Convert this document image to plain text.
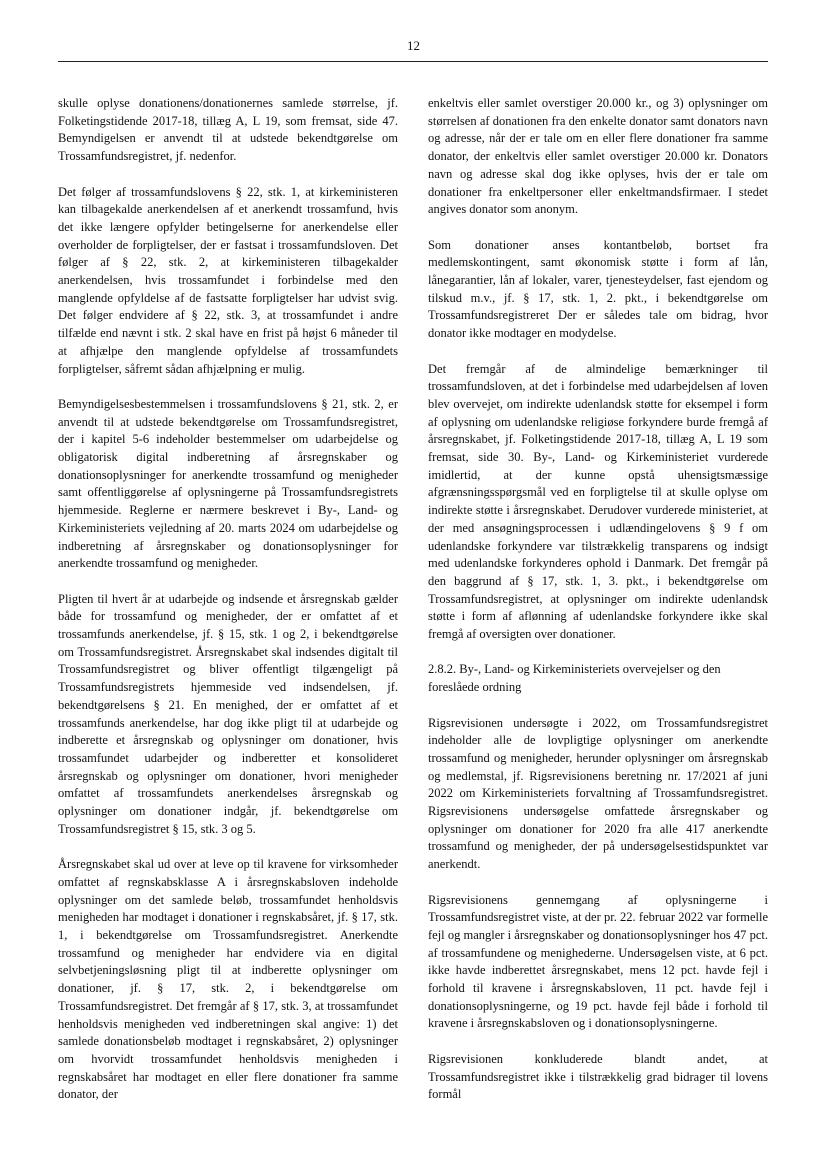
12

skulle oplyse donationens/donationernes samlede størrelse, jf. Folketingstidende 2017-18, tillæg A, L 19, som fremsat, side 47. Bemyndigelsen er anvendt til at udstede bekendtgørelse om Trossamfundsregistret, jf. nedenfor.

Det følger af trossamfundslovens § 22, stk. 1, at kirkeministeren kan tilbagekalde anerkendelsen af et anerkendt trossamfund, hvis det ikke længere opfylder betingelserne for anerkendelse eller overholder de forpligtelser, der er fastsat i trossamfundsloven. Det følger af § 22, stk. 2, at kirkeministeren tilbagekalder anerkendelsen, hvis trossamfundet i forbindelse med den manglende opfyldelse af de fastsatte forpligtelser har udvist svig. Det følger endvidere af § 22, stk. 3, at trossamfundet i andre tilfælde end nævnt i stk. 2 skal have en frist på højst 6 måneder til at afhjælpe den manglende opfyldelse af trossamfundets forpligtelser, såfremt sådan afhjælpning er mulig.

Bemyndigelsesbestemmelsen i trossamfundslovens § 21, stk. 2, er anvendt til at udstede bekendtgørelse om Trossamfundsregistret, der i kapitel 5-6 indeholder bestemmelser om udarbejdelse og obligatorisk digital indberetning af årsregnskaber og donationsoplysninger for anerkendte trossamfund og menigheder samt offentliggørelse af oplysningerne på Trossamfundsregistrets hjemmeside. Reglerne er nærmere beskrevet i By-, Land- og Kirkeministeriets vejledning af 20. marts 2024 om udarbejdelse og indberetning af årsregnskaber og donationsoplysninger for anerkendte trossamfund og menigheder.

Pligten til hvert år at udarbejde og indsende et årsregnskab gælder både for trossamfund og menigheder, der er omfattet af et trossamfunds anerkendelse, jf. § 15, stk. 1 og 2, i bekendtgørelse om Trossamfundsregistret. Årsregnskabet skal indsendes digitalt til Trossamfundsregistret og bliver offentligt tilgængeligt på Trossamfundsregistrets hjemmeside ved indsendelsen, jf. bekendtgørelsens § 21. En menighed, der er omfattet af et trossamfunds anerkendelse, har dog ikke pligt til at udarbejde og indberette et årsregnskab og oplysninger om donationer, hvis trossamfundet udarbejder og indberetter et konsolideret årsregnskab og oplysninger om donationer, hvori menigheder omfattet af trossamfundets anerkendelses årsregnskab og oplysninger om donationer indgår, jf. bekendtgørelse om Trossamfundsregistret § 15, stk. 3 og 5.

Årsregnskabet skal ud over at leve op til kravene for virksomheder omfattet af regnskabsklasse A i årsregnskabsloven indeholde oplysninger om det samlede beløb, trossamfundet henholdsvis menigheden har modtaget i donationer i regnskabsåret, jf. § 17, stk. 1, i bekendtgørelse om Trossamfundsregistret. Anerkendte trossamfund og menigheder har endvidere via en digital selvbetjeningsløsning pligt til at indberette oplysninger om donationer, jf. § 17, stk. 2, i bekendtgørelse om Trossamfundsregistret. Det fremgår af § 17, stk. 3, at trossamfundet henholdsvis menigheden ved indberetningen skal angive: 1) det samlede donationsbeløb modtaget i regnskabsåret, 2) oplysninger om hvorvidt trossamfundet henholdsvis menigheden i regnskabsåret har modtaget en eller flere donationer fra samme donator, der

enkeltvis eller samlet overstiger 20.000 kr., og 3) oplysninger om størrelsen af donationen fra den enkelte donator samt donators navn og adresse, når der er tale om en eller flere donationer fra samme donator, der enkeltvis eller samlet overstiger 20.000 kr. Donators navn og adresse skal dog ikke oplyses, hvis der er tale om donationer fra enkeltpersoner eller enkeltmandsfirmaer. I stedet angives donator som anonym.

Som donationer anses kontantbeløb, bortset fra medlemskontingent, samt økonomisk støtte i form af lån, lånegarantier, lån af lokaler, varer, tjenesteydelser, fast ejendom og tilskud m.v., jf. § 17, stk. 1, 2. pkt., i bekendtgørelse om Trossamfundsregistreret Der er således tale om bidrag, hvor donator ikke modtager en modydelse.

Det fremgår af de almindelige bemærkninger til trossamfundsloven, at det i forbindelse med udarbejdelsen af loven blev overvejet, om indirekte udenlandsk støtte for eksempel i form af oplysning om udenlandske religiøse forkyndere burde fremgå af årsregnskabet, jf. Folketingstidende 2017-18, tillæg A, L 19 som fremsat, side 30. By-, Land- og Kirkeministeriet vurderede imidlertid, at der kunne opstå uhensigtsmæssige afgrænsningsspørgsmål ved en forpligtelse til at skulle oplyse om indirekte støtte i årsregnskabet. Derudover vurderede ministeriet, at der med ansøgningsprocessen i udlændingelovens § 9 f om udenlandske forkyndere var tilstrækkelig transparens og indsigt med udenlandske forkynderes ophold i Danmark. Det fremgår på den baggrund af § 17, stk. 1, 3. pkt., i bekendtgørelse om Trossamfundsregistret, at oplysninger om indirekte udenlandsk støtte i form af aflønning af udenlandske forkyndere ikke skal fremgå af oversigten over donationer.

2.8.2. By-, Land- og Kirkeministeriets overvejelser og den foreslåede ordning

Rigsrevisionen undersøgte i 2022, om Trossamfundsregistret indeholder alle de lovpligtige oplysninger om anerkendte trossamfund og menigheder, herunder oplysninger om årsregnskab og medlemstal, jf. Rigsrevisionens beretning nr. 17/2021 af juni 2022 om Kirkeministeriets forvaltning af Trossamfundsregistret. Rigsrevisionens undersøgelse omfattede årsregnskaber og oplysninger om donationer for 2020 fra alle 417 anerkendte trossamfund og menigheder, der på undersøgelsestidspunktet var anerkendt.

Rigsrevisionens gennemgang af oplysningerne i Trossamfundsregistret viste, at der pr. 22. februar 2022 var formelle fejl og mangler i årsregnskaber og donationsoplysninger hos 47 pct. af trossamfundene og menighederne. Undersøgelsen viste, at 6 pct. ikke havde indberettet årsregnskabet, mens 12 pct. havde fejl i forhold til kravene i årsregnskabsloven, 11 pct. havde fejl i donationsoplysningerne, og 19 pct. havde fejl både i forhold til kravene i årsregnskabsloven og i donationsoplysningerne.

Rigsrevisionen konkluderede blandt andet, at Trossamfundsregistret ikke i tilstrækkelig grad bidrager til lovens formål
